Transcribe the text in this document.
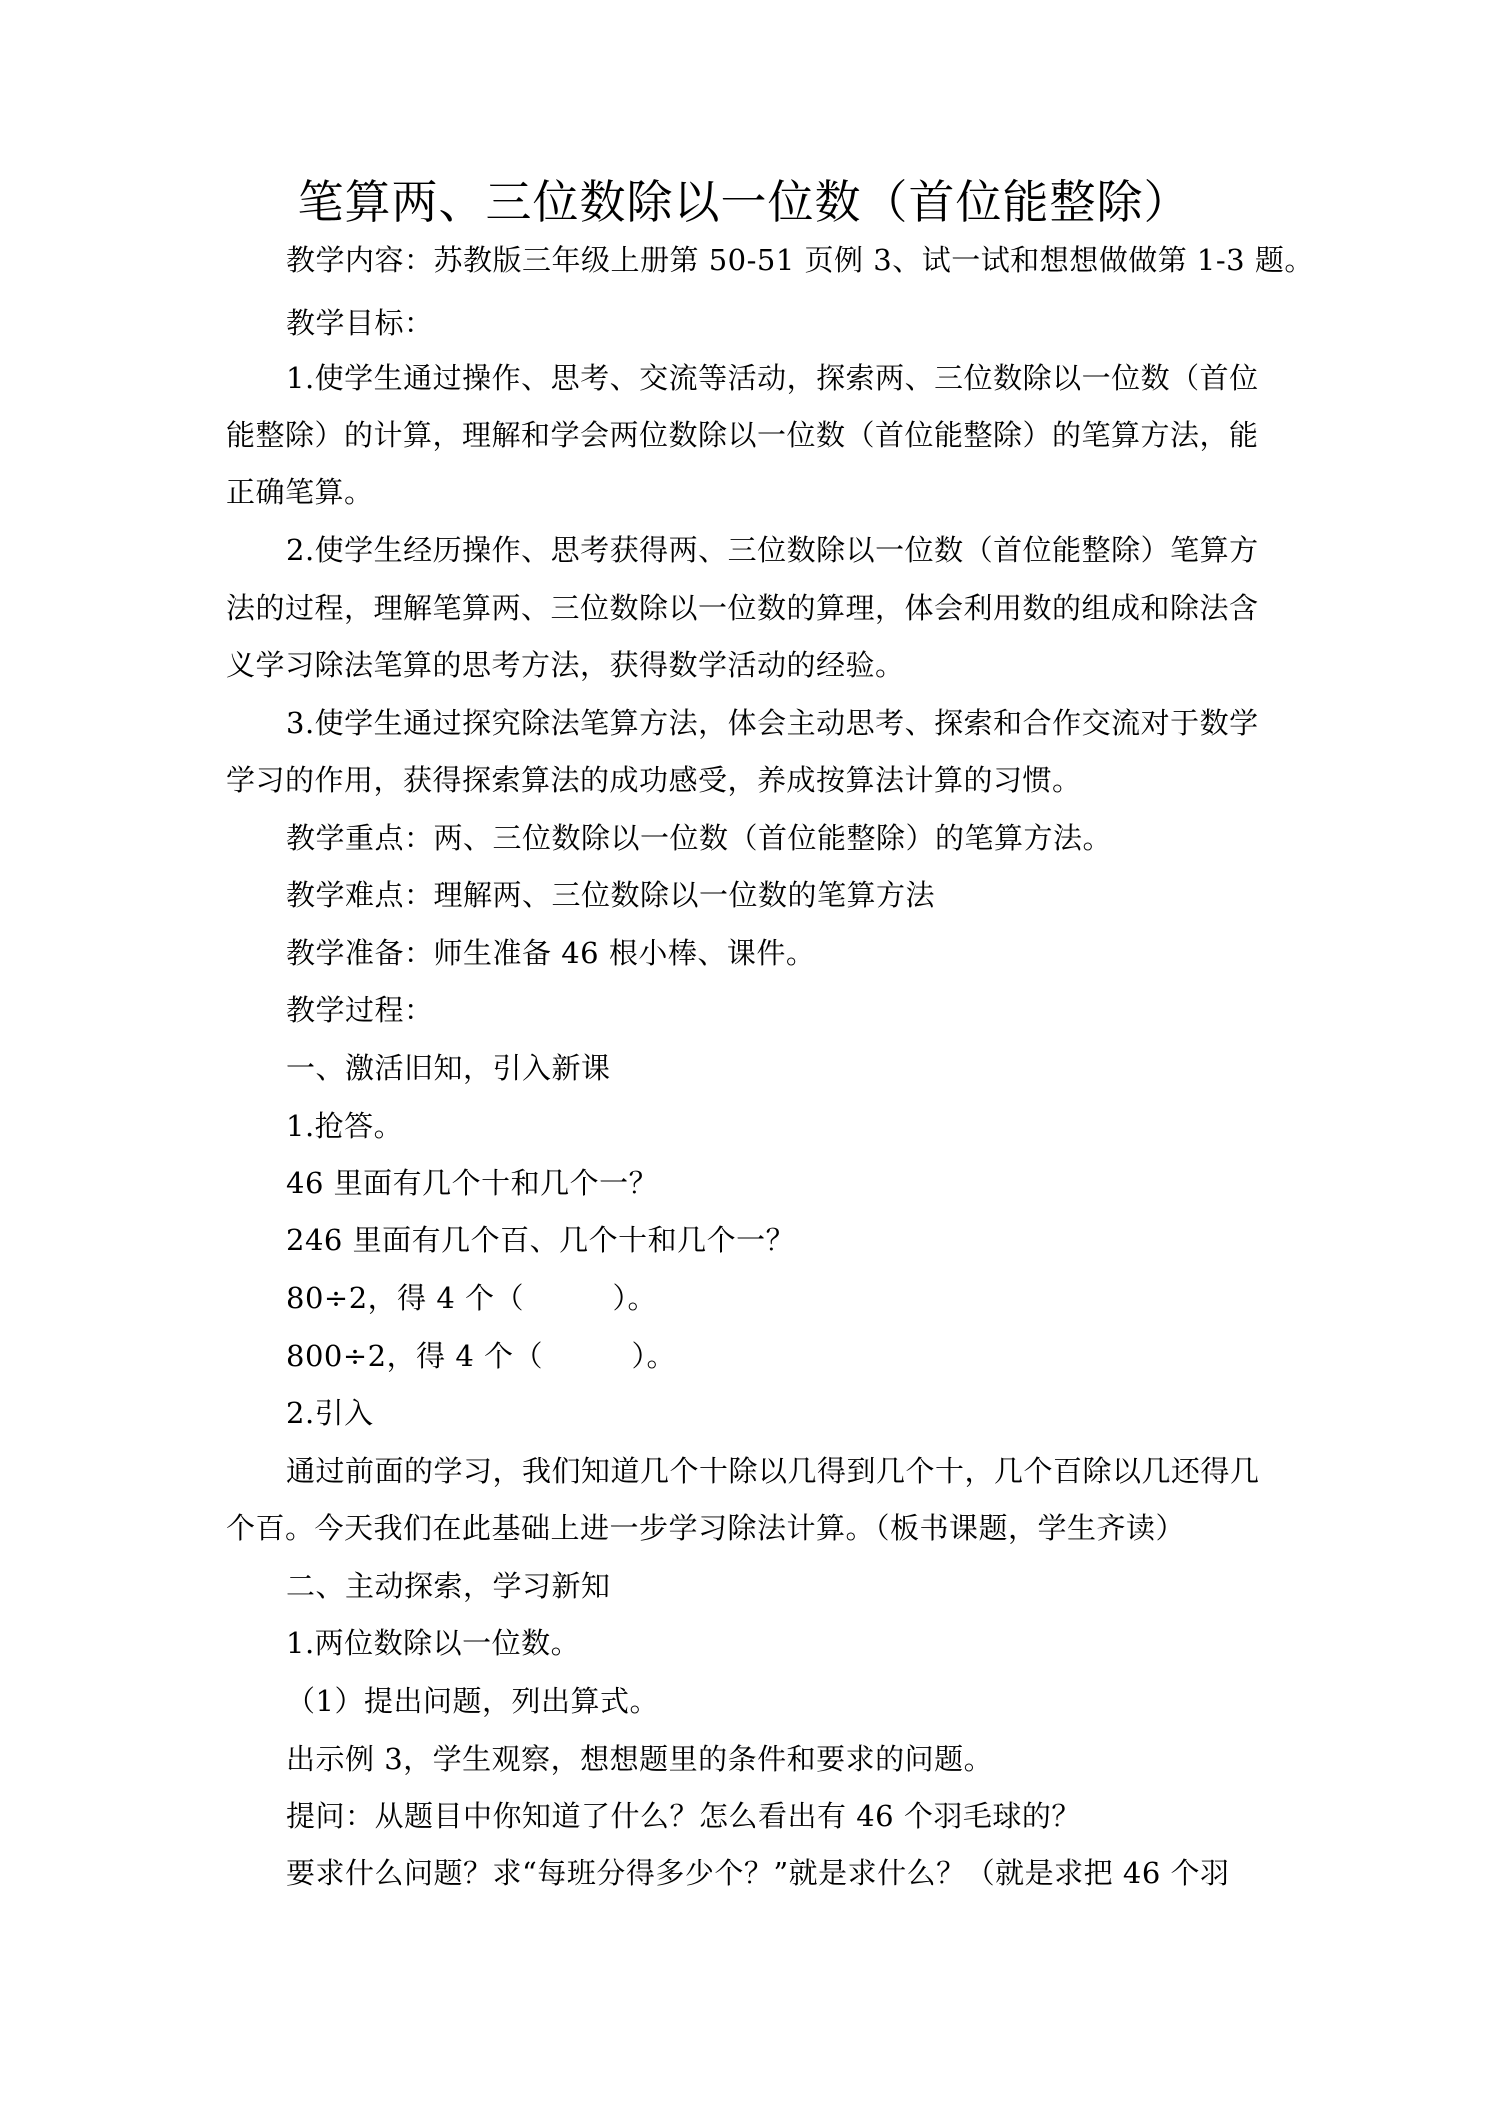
笔算两、三位数除以一位数（首位能整除）
教学内容：苏教版三年级上册第 50-51 页例 3、试一试和想想做做第 1-3 题。
教学目标：
1.使学生通过操作、思考、交流等活动，探索两、三位数除以一位数（首位
能整除）的计算，理解和学会两位数除以一位数（首位能整除）的笔算方法，能
正确笔算。
2.使学生经历操作、思考获得两、三位数除以一位数（首位能整除）笔算方
法的过程，理解笔算两、三位数除以一位数的算理，体会利用数的组成和除法含
义学习除法笔算的思考方法，获得数学活动的经验。
3.使学生通过探究除法笔算方法，体会主动思考、探索和合作交流对于数学
学习的作用，获得探索算法的成功感受，养成按算法计算的习惯。
教学重点：两、三位数除以一位数（首位能整除）的笔算方法。
教学难点：理解两、三位数除以一位数的笔算方法
教学准备：师生准备 46 根小棒、课件。
教学过程：
一、激活旧知，引入新课
1.抢答。
46 里面有几个十和几个一？
246 里面有几个百、几个十和几个一？
80÷2，得 4 个（　　　）。
800÷2，得 4 个（　　　）。
2.引入
通过前面的学习，我们知道几个十除以几得到几个十，几个百除以几还得几
个百。今天我们在此基础上进一步学习除法计算。（板书课题，学生齐读）
二、主动探索，学习新知
1.两位数除以一位数。
（1）提出问题，列出算式。
出示例 3，学生观察，想想题里的条件和要求的问题。
提问：从题目中你知道了什么？怎么看出有 46 个羽毛球的？
要求什么问题？求“每班分得多少个？”就是求什么？（就是求把 46 个羽
